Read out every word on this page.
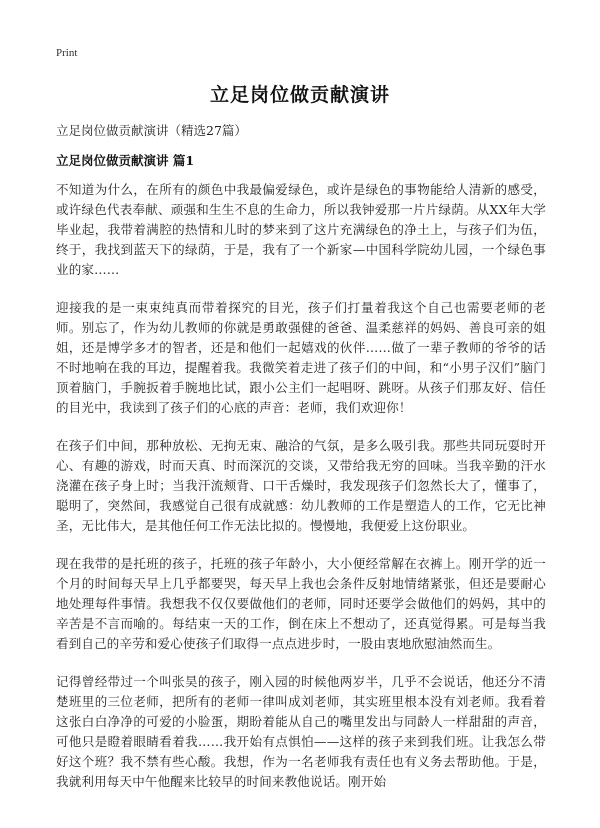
Print
立足岗位做贡献演讲
立足岗位做贡献演讲（精选27篇）
立足岗位做贡献演讲 篇1

不知道为什么，在所有的颜色中我最偏爱绿色，或许是绿色的事物能给人清新的感受，或许绿色代表奉献、顽强和生生不息的生命力，所以我钟爱那一片片绿荫。从XX年大学毕业起，我带着满腔的热情和儿时的梦来到了这片充满绿色的净土上，与孩子们为伍，终于，我找到蓝天下的绿荫，于是，我有了一个新家—中国科学院幼儿园，一个绿色事业的家……

迎接我的是一束束纯真而带着探究的目光，孩子们打量着我这个自己也需要老师的老师。别忘了，作为幼儿教师的你就是勇敢强健的爸爸、温柔慈祥的妈妈、善良可亲的姐姐，还是博学多才的智者，还是和他们一起嬉戏的伙伴……做了一辈子教师的爷爷的话不时地响在我的耳边，提醒着我。我微笑着走进了孩子们的中间，和“小男子汉们”脑门顶着脑门，手腕扳着手腕地比试，跟小公主们一起唱呀、跳呀。从孩子们那友好、信任的目光中，我读到了孩子们的心底的声音：老师，我们欢迎你！

在孩子们中间，那种放松、无拘无束、融洽的气氛，是多么吸引我。那些共同玩耍时开心、有趣的游戏，时而天真、时而深沉的交谈，又带给我无穷的回味。当我辛勤的汗水浇灌在孩子身上时；当我汗流颊背、口干舌燥时，我发现孩子们忽然长大了，懂事了，聪明了，突然间，我感觉自己很有成就感：幼儿教师的工作是塑造人的工作，它无比神圣，无比伟大，是其他任何工作无法比拟的。慢慢地，我便爱上这份职业。

现在我带的是托班的孩子，托班的孩子年龄小，大小便经常解在衣裤上。刚开学的近一个月的时间每天早上几乎都要哭，每天早上我也会条件反射地情绪紧张，但还是要耐心地处理每件事情。我想我不仅仅要做他们的老师，同时还要学会做他们的妈妈，其中的辛苦是不言而喻的。每结束一天的工作，倒在床上不想动了，还真觉得累。可是每当我看到自己的辛劳和爱心使孩子们取得一点点进步时，一股由衷地欣慰油然而生。

记得曾经带过一个叫张昊的孩子，刚入园的时候他两岁半，几乎不会说话，他还分不清楚班里的三位老师，把所有的老师一律叫成刘老师，其实班里根本没有刘老师。我看着这张白白净净的可爱的小脸蛋，期盼着能从自己的嘴里发出与同龄人一样甜甜的声音，可他只是瞪着眼睛看着我……我开始有点惧怕——这样的孩子来到我们班。让我怎么带好这个班？我不禁有些心酸。我想，作为一名老师我有责任也有义务去帮助他。于是，我就利用每天中午他醒来比较早的时间来教他说话。刚开始
